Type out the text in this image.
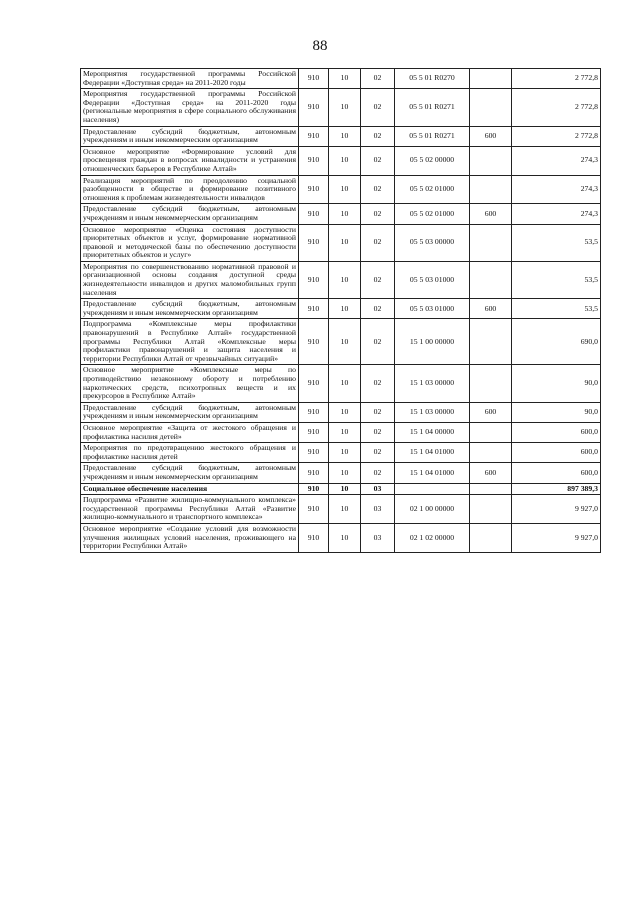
88
Мероприятия государственной программы Российской Федерации «Доступная среда» на 2011-2020 годы	910	10	02	05 5 01 R0270		2 772,8
Мероприятия государственной программы Российской Федерации «Доступная среда» на 2011-2020 годы (региональные мероприятия в сфере социального обслуживания населения)	910	10	02	05 5 01 R0271		2 772,8
Предоставление субсидий бюджетным, автономным учреждениям и иным некоммерческим организациям	910	10	02	05 5 01 R0271	600	2 772,8
Основное мероприятие «Формирование условий для просвещения граждан в вопросах инвалидности и устранения отношенческих барьеров в Республике Алтай»	910	10	02	05 5 02 00000		274,3
Реализация мероприятий по преодолению социальной разобщенности в обществе и формирование позитивного отношения к проблемам жизнедеятельности инвалидов	910	10	02	05 5 02 01000		274,3
Предоставление субсидий бюджетным, автономным учреждениям и иным некоммерческим организациям	910	10	02	05 5 02 01000	600	274,3
Основное мероприятие «Оценка состояния доступности приоритетных объектов и услуг, формирование нормативной правовой и методической базы по обеспечению доступности приоритетных объектов и услуг»	910	10	02	05 5 03 00000		53,5
Мероприятия по совершенствованию нормативной правовой и организационной основы создания доступной среды жизнедеятельности инвалидов и других маломобильных групп населения	910	10	02	05 5 03 01000		53,5
Предоставление субсидий бюджетным, автономным учреждениям и иным некоммерческим организациям	910	10	02	05 5 03 01000	600	53,5
Подпрограмма «Комплексные меры профилактики правонарушений в Республике Алтай» государственной программы Республики Алтай «Комплексные меры профилактики правонарушений и защита населения и территории Республики Алтай от чрезвычайных ситуаций»	910	10	02	15 1 00 00000		690,0
Основное мероприятие «Комплексные меры по противодействию незаконному обороту и потреблению наркотических средств, психотропных веществ и их прекурсоров в Республике Алтай»	910	10	02	15 1 03 00000		90,0
Предоставление субсидий бюджетным, автономным учреждениям и иным некоммерческим организациям	910	10	02	15 1 03 00000	600	90,0
Основное мероприятие «Защита от жестокого обращения и профилактика насилия детей»	910	10	02	15 1 04 00000		600,0
Мероприятия по предотвращению жестокого обращения и профилактике насилия детей	910	10	02	15 1 04 01000		600,0
Предоставление субсидий бюджетным, автономным учреждениям и иным некоммерческим организациям	910	10	02	15 1 04 01000	600	600,0
Социальное обеспечение населения	910	10	03			897 389,3
Подпрограмма «Развитие жилищно-коммунального комплекса» государственной программы Республики Алтай «Развитие жилищно-коммунального и транспортного комплекса»	910	10	03	02 1 00 00000		9 927,0
Основное мероприятие «Создание условий для возможности улучшения жилищных условий населения, проживающего на территории Республики Алтай»	910	10	03	02 1 02 00000		9 927,0
